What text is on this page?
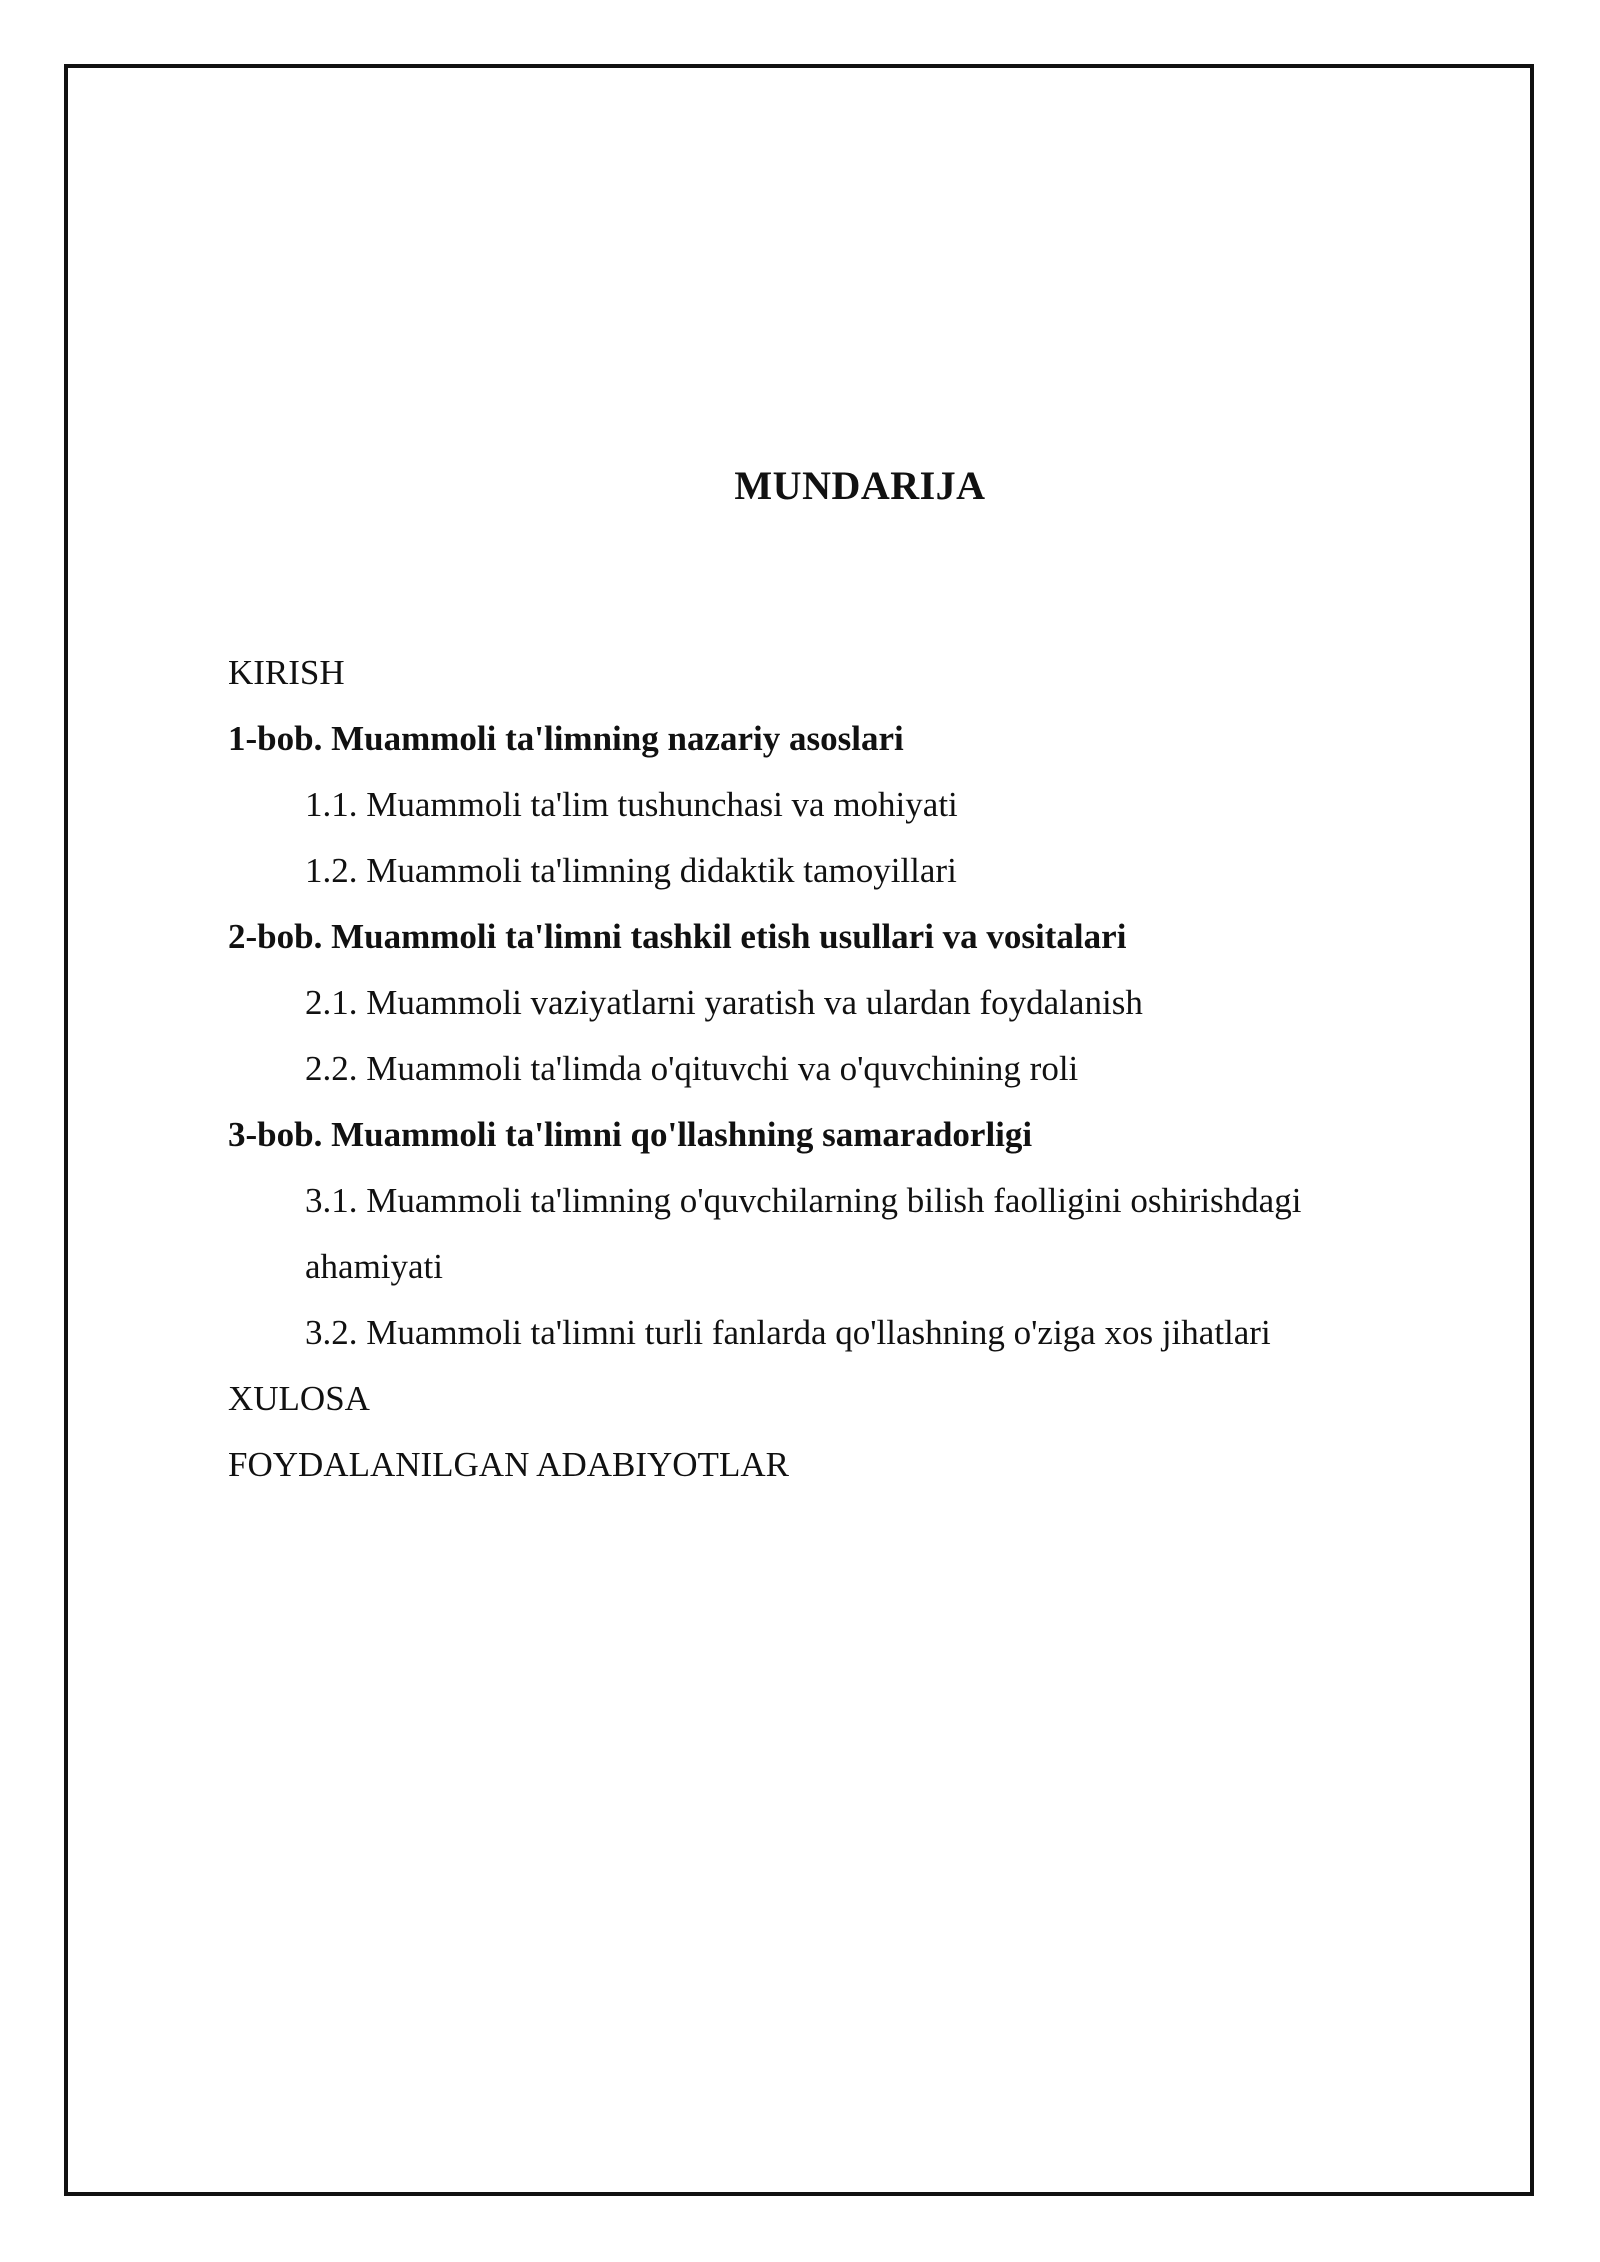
MUNDARIJA

KIRISH

1-bob. Muammoli ta'limning nazariy asoslari

1.1. Muammoli ta'lim tushunchasi va mohiyati

1.2. Muammoli ta'limning didaktik tamoyillari

2-bob. Muammoli ta'limni tashkil etish usullari va vositalari

2.1. Muammoli vaziyatlarni yaratish va ulardan foydalanish

2.2. Muammoli ta'limda o'qituvchi va o'quvchining roli

3-bob. Muammoli ta'limni qo'llashning samaradorligi

3.1. Muammoli ta'limning o'quvchilarning bilish faolligini oshirishdagi ahamiyati

3.2. Muammoli ta'limni turli fanlarda qo'llashning o'ziga xos jihatlari

XULOSA

FOYDALANILGAN ADABIYOTLAR
